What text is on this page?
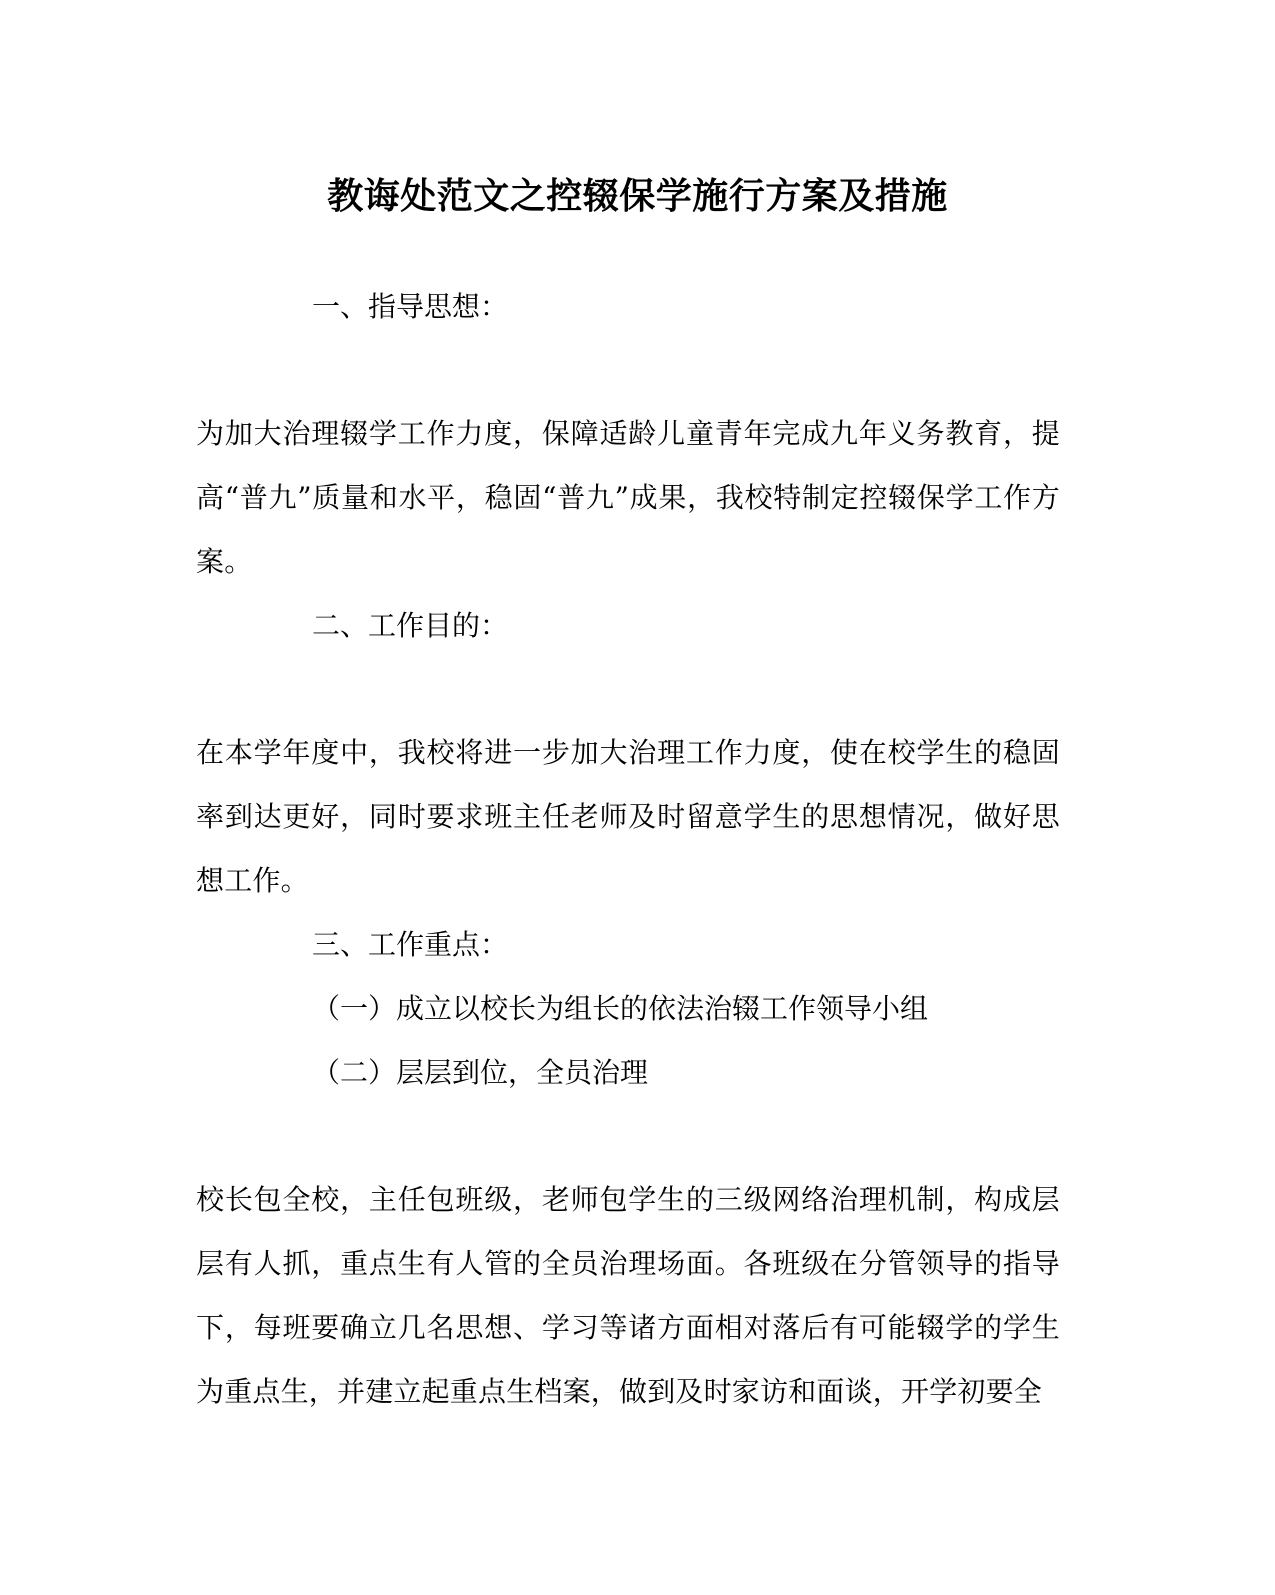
教诲处范文之控辍保学施行方案及措施
一、指导思想：
为加大治理辍学工作力度，保障适龄儿童青年完成九年义务教育，提高“普九”质量和水平，稳固“普九”成果，我校特制定控辍保学工作方案。
二、工作目的：
在本学年度中，我校将进一步加大治理工作力度，使在校学生的稳固率到达更好，同时要求班主任老师及时留意学生的思想情况，做好思想工作。
三、工作重点：
（一）成立以校长为组长的依法治辍工作领导小组
（二）层层到位，全员治理
校长包全校，主任包班级，老师包学生的三级网络治理机制，构成层层有人抓，重点生有人管的全员治理场面。各班级在分管领导的指导下，每班要确立几名思想、学习等诸方面相对落后有可能辍学的学生为重点生，并建立起重点生档案，做到及时家访和面谈，开学初要全
